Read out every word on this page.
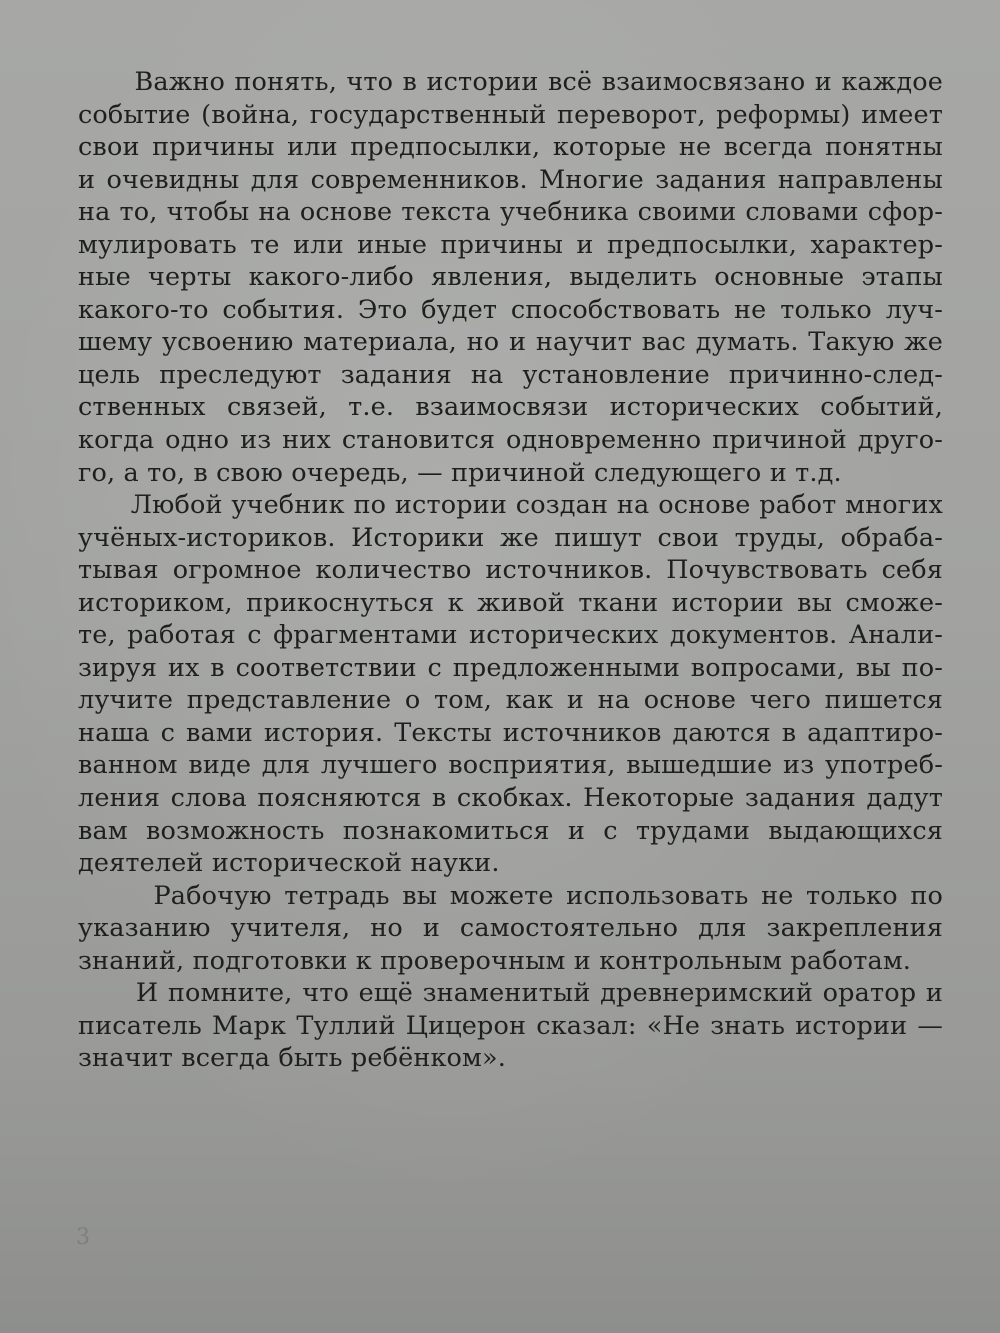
Важно понять, что в истории всё взаимосвязано и каждое
событие (война, государственный переворот, реформы) имеет
свои причины или предпосылки, которые не всегда понятны
и очевидны для современников. Многие задания направлены
на то, чтобы на основе текста учебника своими словами сфор-
мулировать те или иные причины и предпосылки, характер-
ные черты какого-либо явления, выделить основные этапы
какого-то события. Это будет способствовать не только луч-
шему усвоению материала, но и научит вас думать. Такую же
цель преследуют задания на установление причинно-след-
ственных связей, т.е. взаимосвязи исторических событий,
когда одно из них становится одновременно причиной друго-
го, а то, в свою очередь, — причиной следующего и т.д.
Любой учебник по истории создан на основе работ многих
учёных-историков. Историки же пишут свои труды, обраба-
тывая огромное количество источников. Почувствовать себя
историком, прикоснуться к живой ткани истории вы сможе-
те, работая с фрагментами исторических документов. Анали-
зируя их в соответствии с предложенными вопросами, вы по-
лучите представление о том, как и на основе чего пишется
наша с вами история. Тексты источников даются в адаптиро-
ванном виде для лучшего восприятия, вышедшие из употреб-
ления слова поясняются в скобках. Некоторые задания дадут
вам возможность познакомиться и с трудами выдающихся
деятелей исторической науки.
Рабочую тетрадь вы можете использовать не только по
указанию учителя, но и самостоятельно для закрепления
знаний, подготовки к проверочным и контрольным работам.
И помните, что ещё знаменитый древнеримский оратор и
писатель Марк Туллий Цицерон сказал: «Не знать истории —
значит всегда быть ребёнком».
3
